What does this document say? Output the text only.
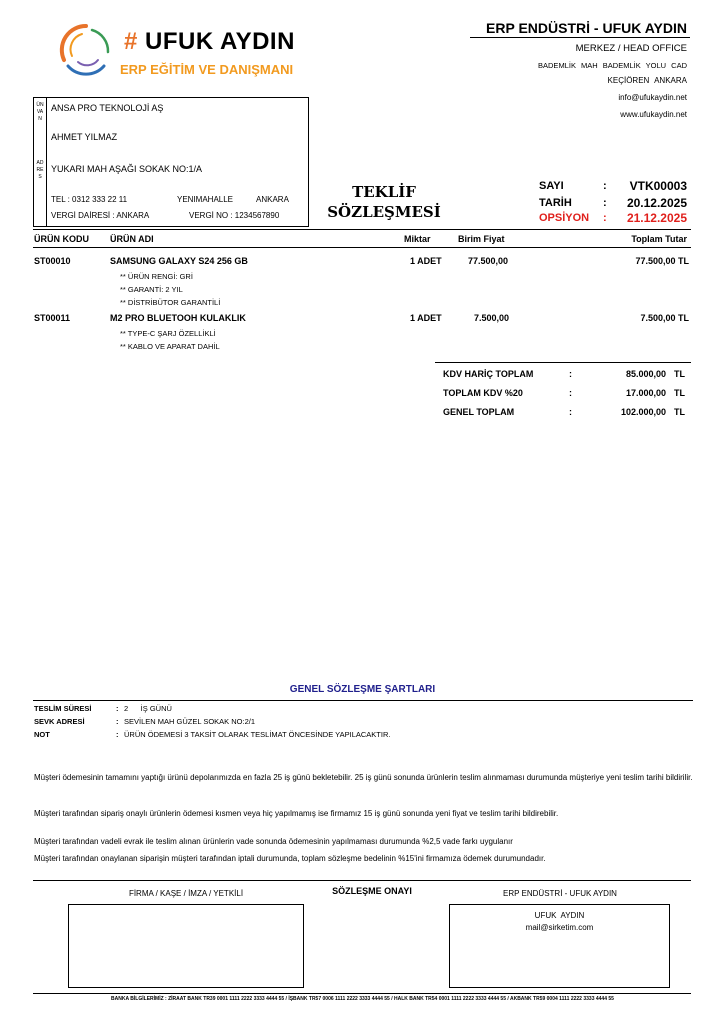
# UFUK AYDIN
ERP EĞİTİM VE DANIŞMANI
ERP ENDÜSTRİ - UFUK AYDIN
MERKEZ / HEAD OFFICE
BADEMLİK MAH BADEMLİK YOLU CAD
KEÇİÖREN ANKARA
info@ufukaydin.net
www.ufukaydin.net
ÜNVAN
ADRES
ANSA PRO TEKNOLOJİ AŞ
AHMET YILMAZ
YUKARI MAH AŞAĞI SOKAK NO:1/A
TEL : 0312 333 22 11	YENIMAHALLE	ANKARA
VERGİ DAİRESİ : ANKARA	VERGİ NO : 1234567890
TEKLİF
SÖZLEŞMESİ
SAYI	: VTK00003
TARİH	: 20.12.2025
OPSİYON : 21.12.2025
ÜRÜN KODU ÜRÜN ADI	Miktar	Birim Fiyat	Toplam Tutar
ST00010	SAMSUNG GALAXY S24 256 GB	1 ADET	77.500,00	77.500,00 TL
** ÜRÜN RENGİ: GRİ
** GARANTİ: 2 YIL
** DİSTRİBÜTOR GARANTİLİ
ST00011	M2 PRO BLUETOOH KULAKLIK	1 ADET	7.500,00	7.500,00 TL
** TYPE-C ŞARJ ÖZELLİKLİ
** KABLO VE APARAT DAHİL
KDV HARİÇ TOPLAM	:	85.000,00 TL
TOPLAM KDV %20	:	17.000,00 TL
GENEL TOPLAM	:	102.000,00 TL
GENEL SÖZLEŞME ŞARTLARI
TESLİM SÜRESİ	: 2      İŞ GÜNÜ
SEVK ADRESİ	: SEVİLEN MAH GÜZEL SOKAK NO:2/1
NOT	: ÜRÜN ÖDEMESİ 3 TAKSİT OLARAK TESLİMAT ÖNCESİNDE YAPILACAKTIR.
Müşteri ödemesinin tamamını yaptığı ürünü depolarımızda en fazla 25 iş günü bekletebilir. 25 iş günü sonunda ürünlerin teslim alınmaması durumunda müşteriye yeni teslim tarihi bildirilir.
Müşteri tarafından sipariş onaylı ürünlerin ödemesi kısmen veya hiç yapılmamış ise firmamız 15 iş günü sonunda yeni fiyat ve teslim tarihi bildirebilir.
Müşteri tarafından vadeli evrak ile teslim alınan ürünlerin vade sonunda ödemesinin yapılmaması durumunda %2,5 vade farkı uygulanır
Müşteri tarafından onaylanan siparişin müşteri tarafından iptali durumunda, toplam sözleşme bedelinin %15'ini firmamıza ödemek durumundadır.
FİRMA / KAŞE / İMZA / YETKİLİ	SÖZLEŞME ONAYI	ERP ENDÜSTRİ - UFUK AYDIN
UFUK  AYDIN
mail@sirketim.com
BANKA BİLGİLERİMİZ : ZİRAAT BANK TR39 0001 1111 2222 3333 4444 55 / İŞBANK TR57 0006 1111 2222 3333 4444 55 / HALK BANK TR54 0001 1111 2222 3333 4444 55 / AKBANK TR59 0004 1111 2222 3333 4444 55
